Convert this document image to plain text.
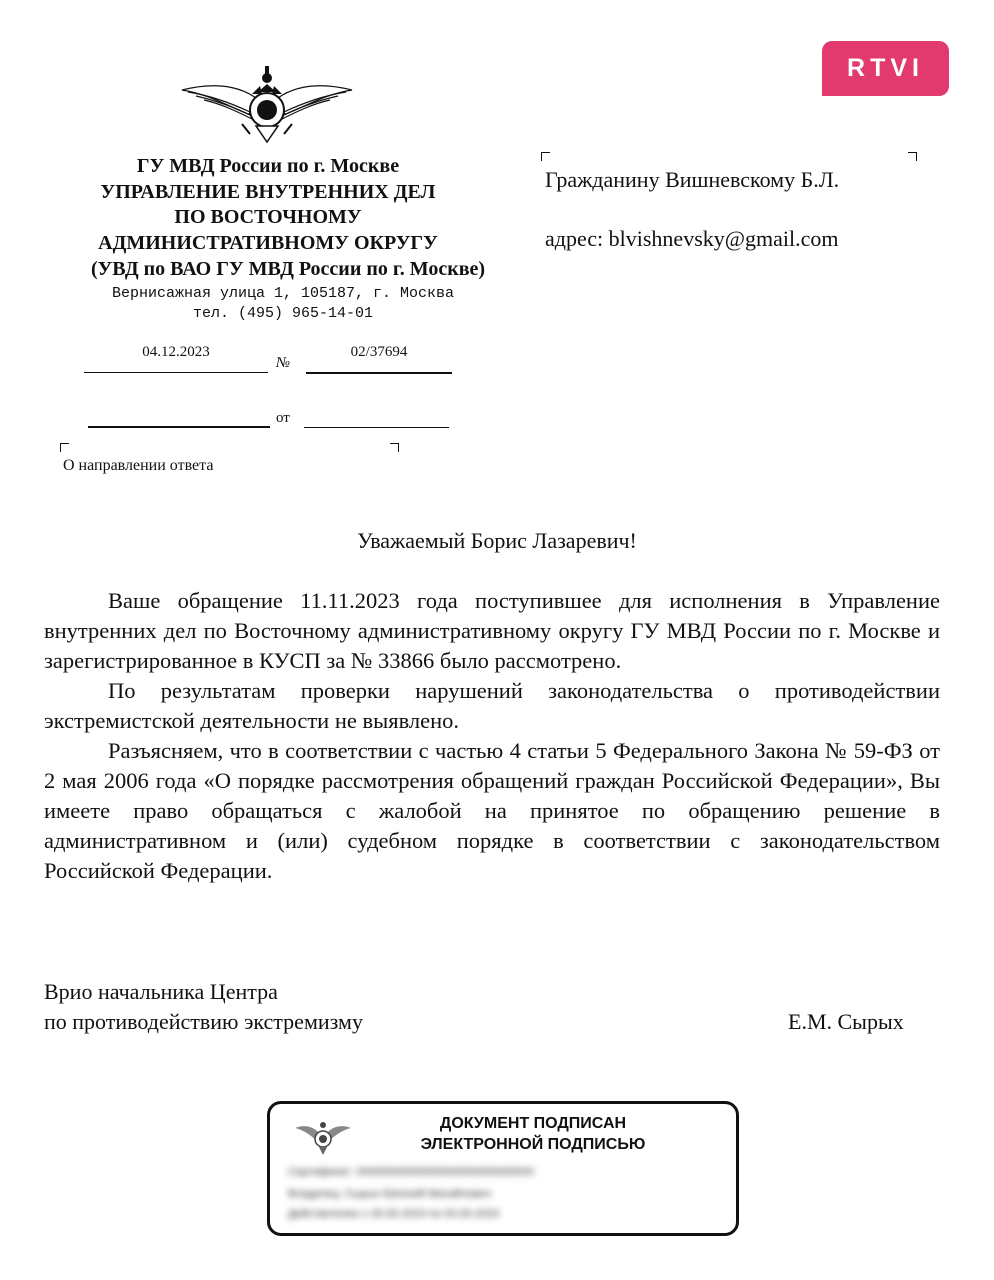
RTVI
ГУ МВД России по г. Москве
УПРАВЛЕНИЕ ВНУТРЕННИХ ДЕЛ
ПО ВОСТОЧНОМУ
АДМИНИСТРАТИВНОМУ ОКРУГУ
(УВД по ВАО ГУ МВД России по г. Москве)
Вернисажная улица 1, 105187, г. Москва
тел. (495) 965-14-01
04.12.2023
№
02/37694
от
О направлении ответа
Гражданину Вишневскому Б.Л.
адрес: blvishnevsky@gmail.com
Уважаемый Борис Лазаревич!

Ваше обращение 11.11.2023 года поступившее для исполнения в Управление внутренних дел по Восточному административному округу ГУ МВД России по г. Москве и зарегистрированное в КУСП за № 33866 было рассмотрено.

По результатам проверки нарушений законодательства о противодействии экстремистской деятельности не выявлено.

Разъясняем, что в соответствии с частью 4 статьи 5 Федерального Закона № 59-ФЗ от 2 мая 2006 года «О порядке рассмотрения обращений граждан Российской Федерации», Вы имеете право обращаться с жалобой на принятое по обращению решение в административном и (или) судебном порядке в соответствии с законодательством Российской Федерации.

Врио начальника Центра
по противодействию экстремизму	Е.М. Сырых
ДОКУМЕНТ ПОДПИСАН
ЭЛЕКТРОННОЙ ПОДПИСЬЮ
Сертификат: 00000000000000000000000000000
Владелец: Сырых Евгений Михайлович
Действителен с 00.00.2023 по 00.00.2024
